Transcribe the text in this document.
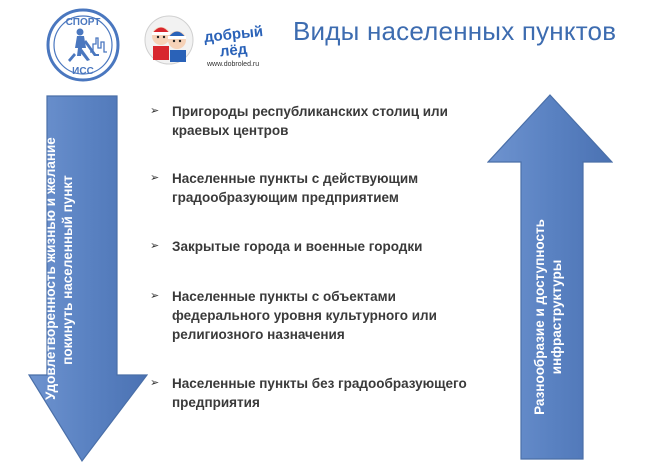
СПОРТ
ИСС
добрый
лёд
www.dobroled.ru
Виды населенных пунктов
Удовлетворенность жизнью и желание покинуть населенный пункт	Разнообразие и доступность инфраструктуры
➢ Пригороды республиканских столиц или
краевых центров
➢ Населенные пункты с действующим
градообразующим предприятием
➢ Закрытые города и военные городки
➢ Населенные пункты с объектами
федерального уровня культурного или
религиозного назначения
➢ Населенные пункты без градообразующего
предприятия
